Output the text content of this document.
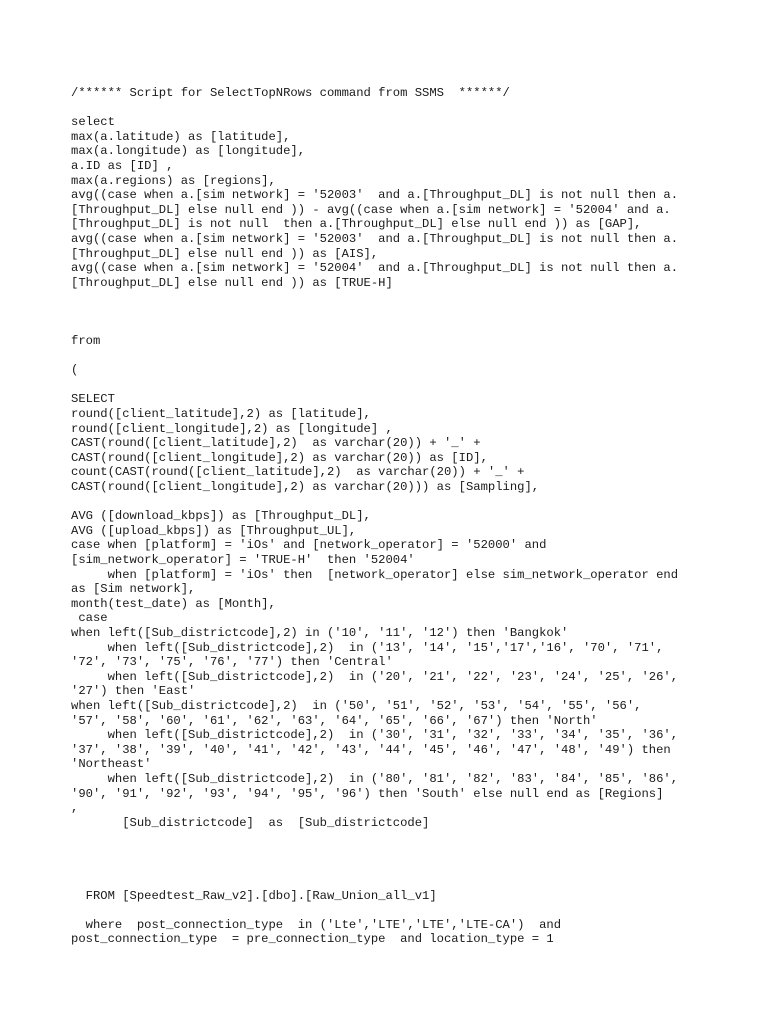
/****** Script for SelectTopNRows command from SSMS  ******/
select
max(a.latitude) as [latitude],
max(a.longitude) as [longitude],
a.ID as [ID] ,
max(a.regions) as [regions],
avg((case when a.[sim network] = '52003'  and a.[Throughput_DL] is not null then a.
[Throughput_DL] else null end )) - avg((case when a.[sim network] = '52004' and a.
[Throughput_DL] is not null  then a.[Throughput_DL] else null end )) as [GAP],
avg((case when a.[sim network] = '52003'  and a.[Throughput_DL] is not null then a.
[Throughput_DL] else null end )) as [AIS],
avg((case when a.[sim network] = '52004'  and a.[Throughput_DL] is not null then a.
[Throughput_DL] else null end )) as [TRUE-H]
from
(
SELECT
round([client_latitude],2) as [latitude],
round([client_longitude],2) as [longitude] ,
CAST(round([client_latitude],2)  as varchar(20)) + '_' +
CAST(round([client_longitude],2) as varchar(20)) as [ID],
count(CAST(round([client_latitude],2)  as varchar(20)) + '_' +
CAST(round([client_longitude],2) as varchar(20))) as [Sampling],
AVG ([download_kbps]) as [Throughput_DL],
AVG ([upload_kbps]) as [Throughput_UL],
case when [platform] = 'iOs' and [network_operator] = '52000' and
[sim_network_operator] = 'TRUE-H'  then '52004'
when [platform] = 'iOs' then  [network_operator] else sim_network_operator end
as [Sim network],
month(test_date) as [Month],
case
when left([Sub_districtcode],2) in ('10', '11', '12') then 'Bangkok'
when left([Sub_districtcode],2)  in ('13', '14', '15','17','16', '70', '71',
'72', '73', '75', '76', '77') then 'Central'
when left([Sub_districtcode],2)  in ('20', '21', '22', '23', '24', '25', '26',
'27') then 'East'
when left([Sub_districtcode],2)  in ('50', '51', '52', '53', '54', '55', '56',
'57', '58', '60', '61', '62', '63', '64', '65', '66', '67') then 'North'
when left([Sub_districtcode],2)  in ('30', '31', '32', '33', '34', '35', '36',
'37', '38', '39', '40', '41', '42', '43', '44', '45', '46', '47', '48', '49') then
'Northeast'
when left([Sub_districtcode],2)  in ('80', '81', '82', '83', '84', '85', '86',
'90', '91', '92', '93', '94', '95', '96') then 'South' else null end as [Regions]
,
[Sub_districtcode]  as  [Sub_districtcode]
FROM [Speedtest_Raw_v2].[dbo].[Raw_Union_all_v1]
where  post_connection_type  in ('Lte','LTE','LTE','LTE-CA')  and
post_connection_type  = pre_connection_type  and location_type = 1
